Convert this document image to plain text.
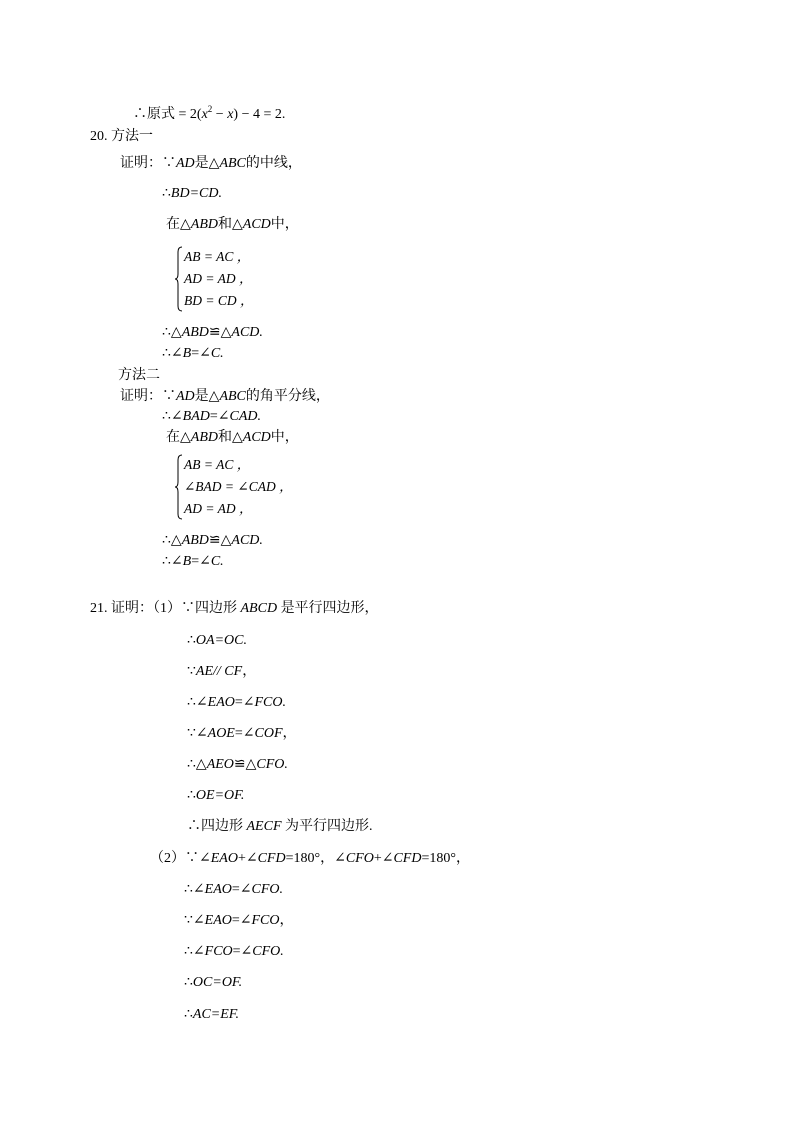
∴原式 = $2(x^2 - x) - 4 = 2$.
20. 方法一
证明：∵AD是△ABC的中线，
∴BD=CD.
在△ABD和△ACD中，
AB = AC ，
AD = AD ，
BD = CD ，
∴△ABD≌△ACD.
∴∠B=∠C.
方法二
证明：∵AD是△ABC的角平分线，
∴∠BAD=∠CAD.
在△ABD和△ACD中，
AB = AC ，
∠BAD = ∠CAD ，
AD = AD ，
∴△ABD≌△ACD.
∴∠B=∠C.
21. 证明：（1）∵四边形 ABCD 是平行四边形，
∴OA=OC.
∵AE// CF，
∴∠EAO=∠FCO.
∵∠AOE=∠COF，
∴△AEO≌△CFO.
∴OE=OF.
∴四边形 AECF 为平行四边形.
（2）∵∠EAO+∠CFD=180°，∠CFO+∠CFD=180°，
∴∠EAO=∠CFO.
∵∠EAO=∠FCO，
∴∠FCO=∠CFO.
∴OC=OF.
∴AC=EF.
